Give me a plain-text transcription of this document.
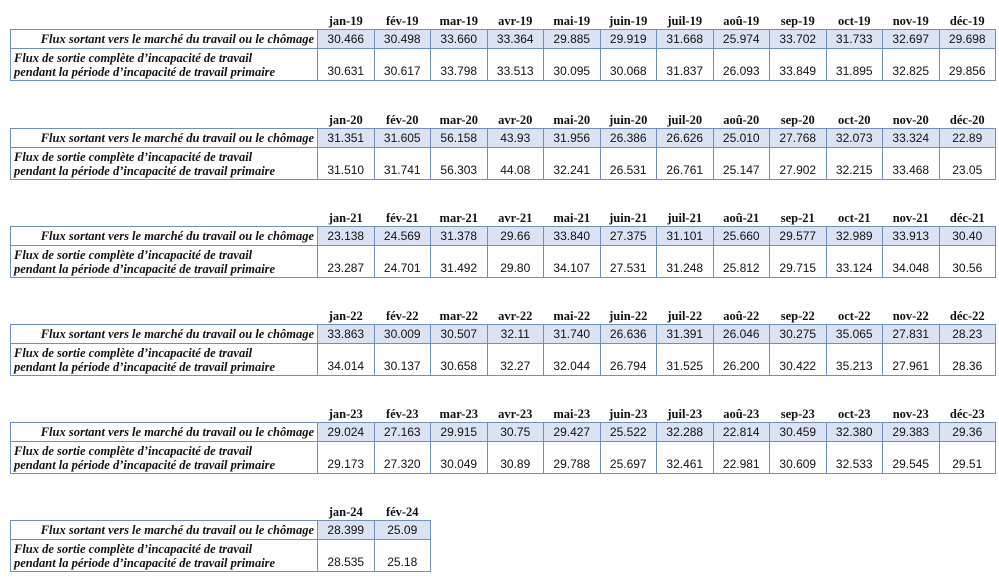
	jan-19	fév-19	mar-19	avr-19	mai-19	juin-19	juil-19	aoû-19	sep-19	oct-19	nov-19	déc-19
Flux sortant vers le marché du travail ou le chômage	30.466	30.498	33.660	33.364	29.885	29.919	31.668	25.974	33.702	31.733	32.697	29.698

Flux de sortie complète d’incapacité de travail
pendant la période d’incapacité de travail primaire	30.631	30.617	33.798	33.513	30.095	30.068	31.837	26.093	33.849	31.895	32.825	29.856
	jan-20	fév-20	mar-20	avr-20	mai-20	juin-20	juil-20	aoû-20	sep-20	oct-20	nov-20	déc-20
Flux sortant vers le marché du travail ou le chômage	31.351	31.605	56.158	43.93	31.956	26.386	26.626	25.010	27.768	32.073	33.324	22.89

Flux de sortie complète d’incapacité de travail
pendant la période d’incapacité de travail primaire	31.510	31.741	56.303	44.08	32.241	26.531	26.761	25.147	27.902	32.215	33.468	23.05
	jan-21	fév-21	mar-21	avr-21	mai-21	juin-21	juil-21	aoû-21	sep-21	oct-21	nov-21	déc-21
Flux sortant vers le marché du travail ou le chômage	23.138	24.569	31.378	29.66	33.840	27.375	31.101	25.660	29.577	32.989	33.913	30.40

Flux de sortie complète d’incapacité de travail
pendant la période d’incapacité de travail primaire	23.287	24.701	31.492	29.80	34.107	27.531	31.248	25.812	29.715	33.124	34.048	30.56
	jan-22	fév-22	mar-22	avr-22	mai-22	juin-22	juil-22	aoû-22	sep-22	oct-22	nov-22	déc-22
Flux sortant vers le marché du travail ou le chômage	33.863	30.009	30.507	32.11	31.740	26.636	31.391	26.046	30.275	35.065	27.831	28.23

Flux de sortie complète d’incapacité de travail
pendant la période d’incapacité de travail primaire	34.014	30.137	30.658	32.27	32.044	26.794	31.525	26.200	30.422	35.213	27.961	28.36
	jan-23	fév-23	mar-23	avr-23	mai-23	juin-23	juil-23	aoû-23	sep-23	oct-23	nov-23	déc-23
Flux sortant vers le marché du travail ou le chômage	29.024	27.163	29.915	30.75	29.427	25.522	32.288	22.814	30.459	32.380	29.383	29.36

Flux de sortie complète d’incapacité de travail
pendant la période d’incapacité de travail primaire	29.173	27.320	30.049	30.89	29.788	25.697	32.461	22.981	30.609	32.533	29.545	29.51
	jan-24	fév-24
Flux sortant vers le marché du travail ou le chômage	28.399	25.09

Flux de sortie complète d’incapacité de travail
pendant la période d’incapacité de travail primaire	28.535	25.18
